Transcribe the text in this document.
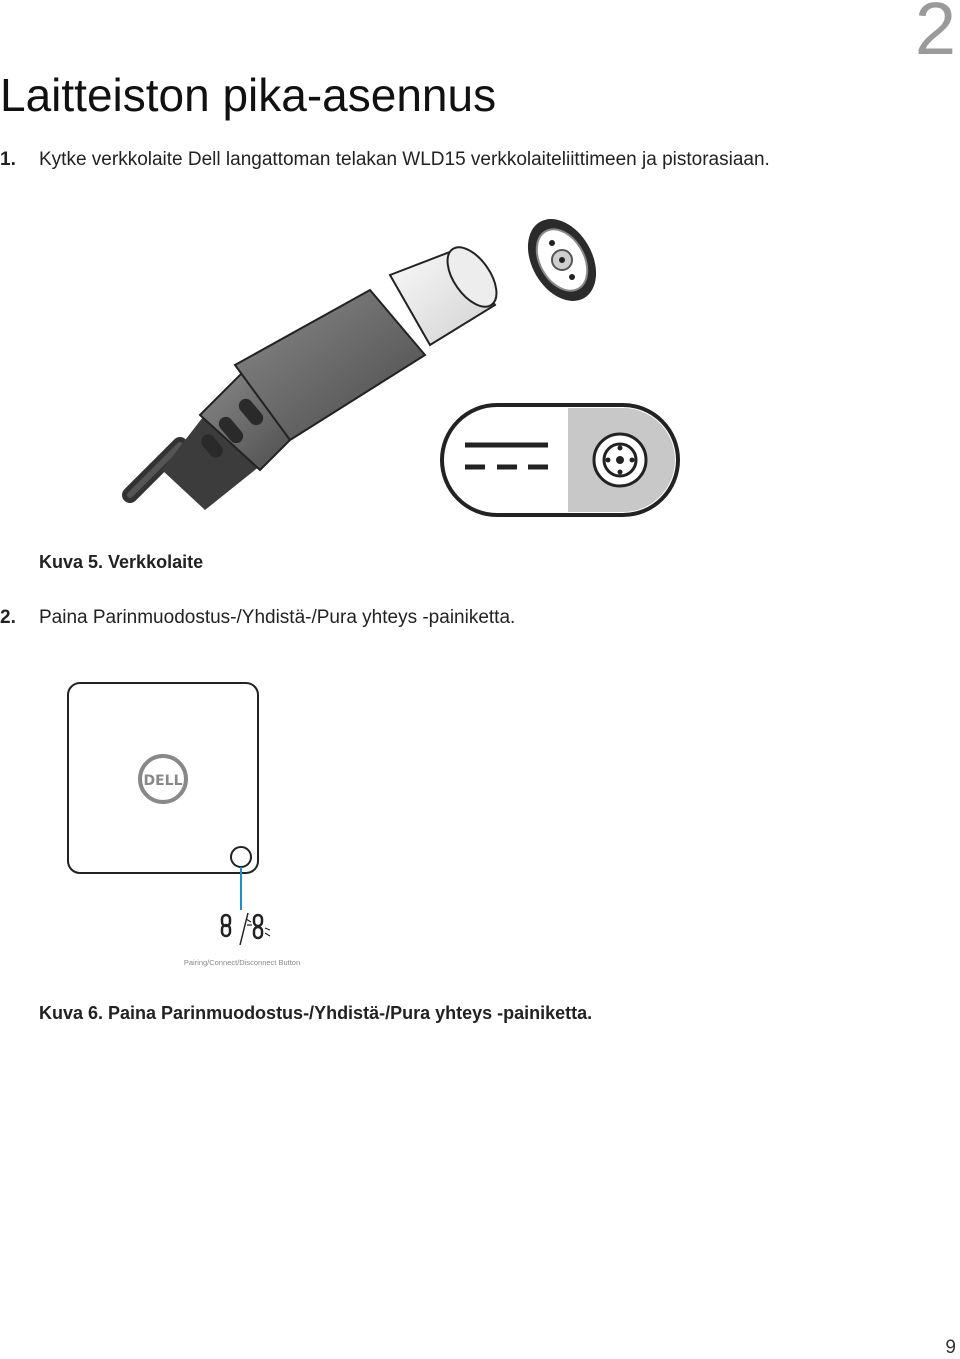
2
Laitteiston pika-asennus
1. Kytke verkkolaite Dell langattoman telakan WLD15 verkkolaiteliittimeen ja pistorasiaan.
Kuva 5. Verkkolaite
2. Paina Parinmuodostus-/Yhdistä-/Pura yhteys -painiketta.
DELL
Pairing/Connect/Disconnect Button
Kuva 6. Paina Parinmuodostus-/Yhdistä-/Pura yhteys -painiketta.
9
